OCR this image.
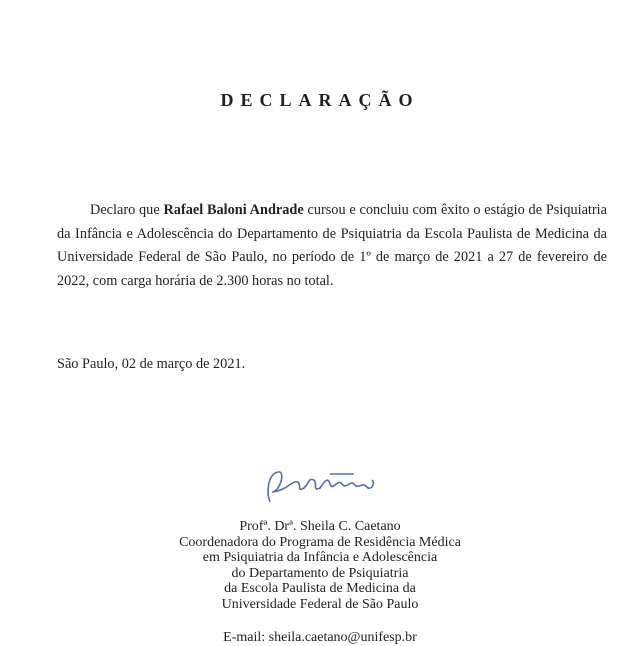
DECLARAÇÃO
Declaro que Rafael Baloni Andrade cursou e concluiu com êxito o estágio de Psiquiatria da Infância e Adolescência do Departamento de Psiquiatria da Escola Paulista de Medicina da Universidade Federal de São Paulo, no período de 1º de março de 2021 a 27 de fevereiro de 2022, com carga horária de 2.300 horas no total.
São Paulo, 02 de março de 2021.
Profª. Drª. Sheila C. Caetano
Coordenadora do Programa de Residência Médica
em Psiquiatria da Infância e Adolescência
do Departamento de Psiquiatria
da Escola Paulista de Medicina da
Universidade Federal de São Paulo
E-mail: sheila.caetano@unifesp.br
